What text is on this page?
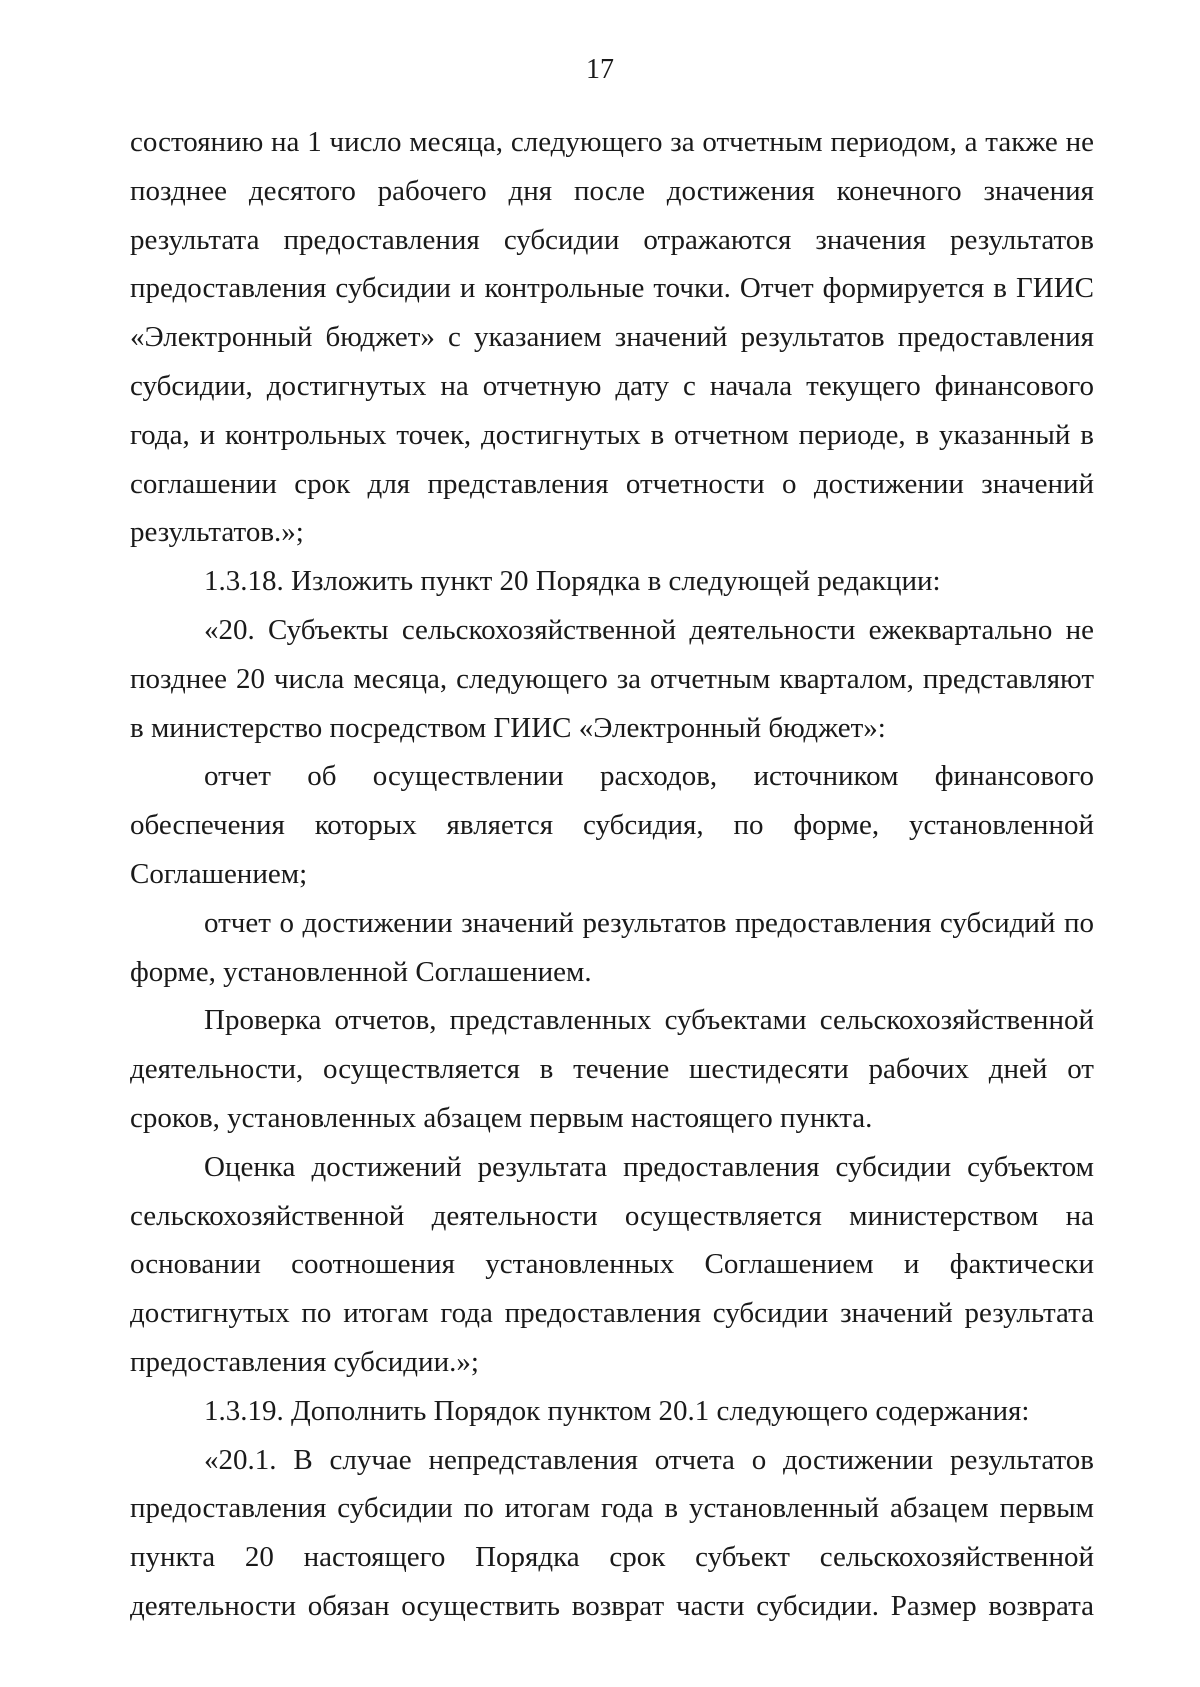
17

состоянию на 1 число месяца, следующего за отчетным периодом, а также не позднее десятого рабочего дня после достижения конечного значения результата предоставления субсидии отражаются значения результатов предоставления субсидии и контрольные точки. Отчет формируется в ГИИС «Электронный бюджет» с указанием значений результатов предоставления субсидии, достигнутых на отчетную дату с начала текущего финансового года, и контрольных точек, достигнутых в отчетном периоде, в указанный в соглашении срок для представления отчетности о достижении значений результатов.»;

1.3.18. Изложить пункт 20 Порядка в следующей редакции:

«20. Субъекты сельскохозяйственной деятельности ежеквартально не позднее 20 числа месяца, следующего за отчетным кварталом, представляют в министерство посредством ГИИС «Электронный бюджет»:

отчет об осуществлении расходов, источником финансового обеспечения которых является субсидия, по форме, установленной Соглашением;

отчет о достижении значений результатов предоставления субсидий по форме, установленной Соглашением.

Проверка отчетов, представленных субъектами сельскохозяйственной деятельности, осуществляется в течение шестидесяти рабочих дней от сроков, установленных абзацем первым настоящего пункта.

Оценка достижений результата предоставления субсидии субъектом сельскохозяйственной деятельности осуществляется министерством на основании соотношения установленных Соглашением и фактически достигнутых по итогам года предоставления субсидии значений результата предоставления субсидии.»;

1.3.19. Дополнить Порядок пунктом 20.1 следующего содержания:

«20.1. В случае непредставления отчета о достижении результатов предоставления субсидии по итогам года в установленный абзацем первым пункта 20 настоящего Порядка срок субъект сельскохозяйственной деятельности обязан осуществить возврат части субсидии. Размер возврата
